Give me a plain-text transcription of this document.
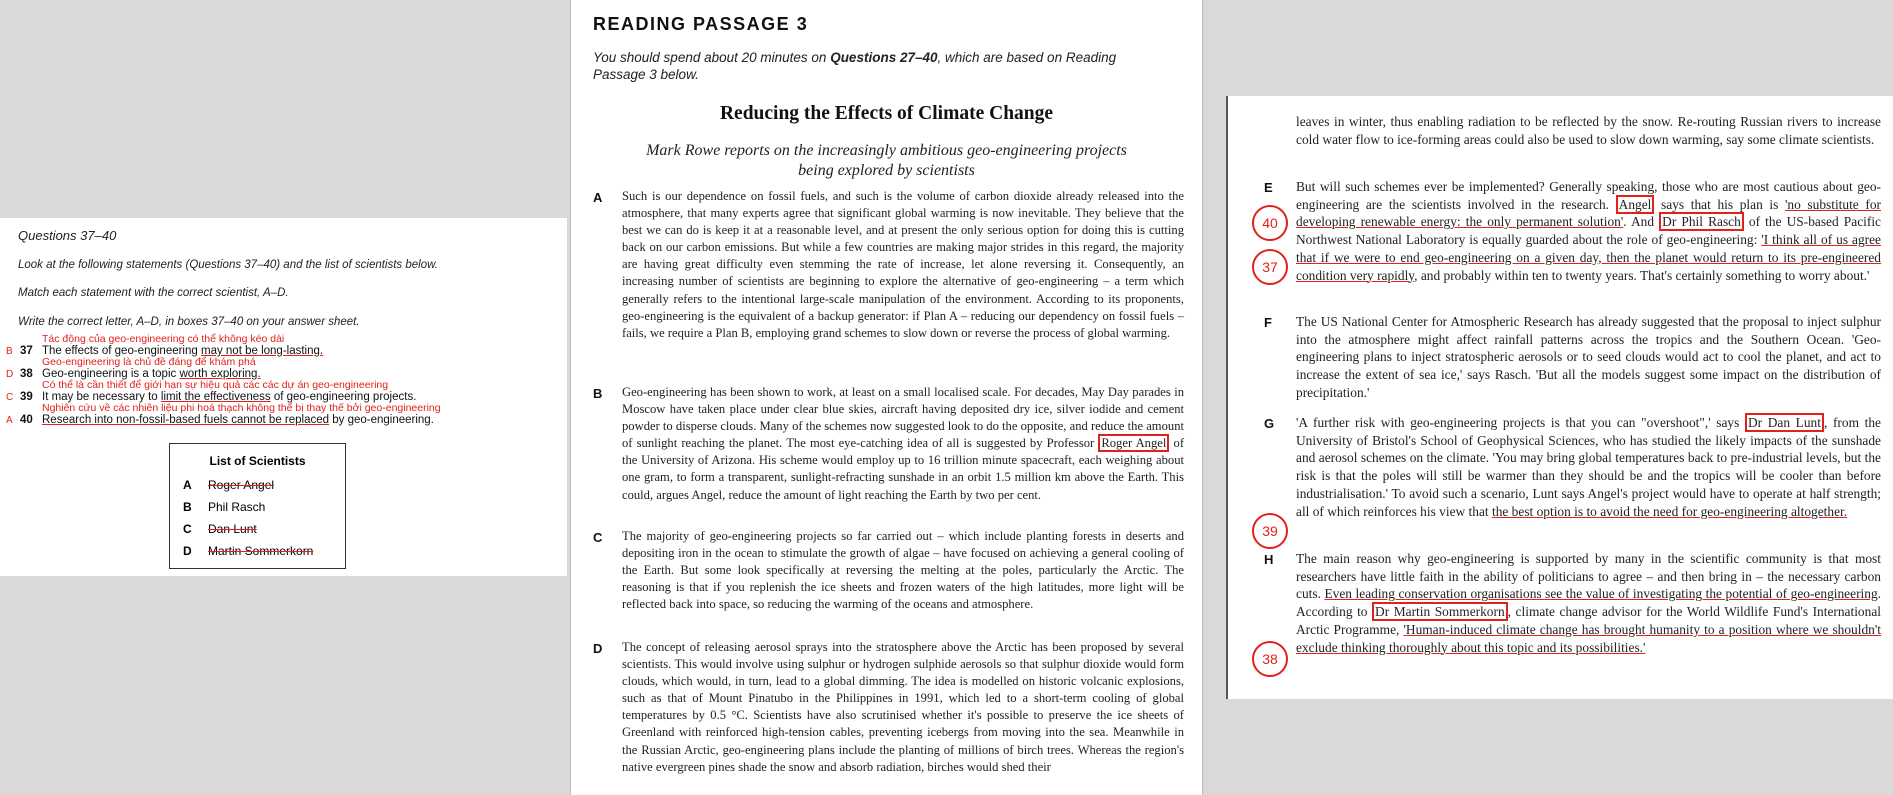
Questions 37–40
Look at the following statements (Questions 37–40) and the list of scientists below.
Match each statement with the correct scientist, A–D.
Write the correct letter, A–D, in boxes 37–40 on your answer sheet.
Tác động của geo-engineering có thể không kéo dài
B 37 The effects of geo-engineering may not be long-lasting.
Geo-engineering là chủ đề đáng để khám phá
D 38 Geo-engineering is a topic worth exploring.
Có thể là cần thiết để giới hạn sự hiệu quả các các dự án geo-engineering
C 39 It may be necessary to limit the effectiveness of geo-engineering projects.
Nghiên cứu về các nhiên liệu phi hoá thạch không thể bị thay thế bởi geo-engineering
A 40 Research into non-fossil-based fuels cannot be replaced by geo-engineering.
List of Scientists
A Roger Angel
B Phil Rasch
C Dan Lunt
D Martin Sommerkorn
READING PASSAGE 3
You should spend about 20 minutes on Questions 27–40, which are based on Reading Passage 3 below.
Reducing the Effects of Climate Change
Mark Rowe reports on the increasingly ambitious geo-engineering projects being explored by scientists
A Such is our dependence on fossil fuels, and such is the volume of carbon dioxide already released into the atmosphere, that many experts agree that significant global warming is now inevitable. They believe that the best we can do is keep it at a reasonable level, and at present the only serious option for doing this is cutting back on our carbon emissions. But while a few countries are making major strides in this regard, the majority are having great difficulty even stemming the rate of increase, let alone reversing it. Consequently, an increasing number of scientists are beginning to explore the alternative of geo-engineering – a term which generally refers to the intentional large-scale manipulation of the environment. According to its proponents, geo-engineering is the equivalent of a backup generator: if Plan A – reducing our dependency on fossil fuels – fails, we require a Plan B, employing grand schemes to slow down or reverse the process of global warming.
B Geo-engineering has been shown to work, at least on a small localised scale. For decades, May Day parades in Moscow have taken place under clear blue skies, aircraft having deposited dry ice, silver iodide and cement powder to disperse clouds. Many of the schemes now suggested look to do the opposite, and reduce the amount of sunlight reaching the planet. The most eye-catching idea of all is suggested by Professor Roger Angel of the University of Arizona. His scheme would employ up to 16 trillion minute spacecraft, each weighing about one gram, to form a transparent, sunlight-refracting sunshade in an orbit 1.5 million km above the Earth. This could, argues Angel, reduce the amount of light reaching the Earth by two per cent.
C The majority of geo-engineering projects so far carried out – which include planting forests in deserts and depositing iron in the ocean to stimulate the growth of algae – have focused on achieving a general cooling of the Earth. But some look specifically at reversing the melting at the poles, particularly the Arctic. The reasoning is that if you replenish the ice sheets and frozen waters of the high latitudes, more light will be reflected back into space, so reducing the warming of the oceans and atmosphere.
D The concept of releasing aerosol sprays into the stratosphere above the Arctic has been proposed by several scientists. This would involve using sulphur or hydrogen sulphide aerosols so that sulphur dioxide would form clouds, which would, in turn, lead to a global dimming. The idea is modelled on historic volcanic explosions, such as that of Mount Pinatubo in the Philippines in 1991, which led to a short-term cooling of global temperatures by 0.5 °C. Scientists have also scrutinised whether it's possible to preserve the ice sheets of Greenland with reinforced high-tension cables, preventing icebergs from moving into the sea. Meanwhile in the Russian Arctic, geo-engineering plans include the planting of millions of birch trees. Whereas the region's native evergreen pines shade the snow and absorb radiation, birches would shed their
leaves in winter, thus enabling radiation to be reflected by the snow. Re-routing Russian rivers to increase cold water flow to ice-forming areas could also be used to slow down warming, say some climate scientists.
E But will such schemes ever be implemented? Generally speaking, those who are most cautious about geo-engineering are the scientists involved in the research. Angel says that his plan is 'no substitute for developing renewable energy: the only permanent solution'. And Dr Phil Rasch of the US-based Pacific Northwest National Laboratory is equally guarded about the role of geo-engineering: 'I think all of us agree that if we were to end geo-engineering on a given day, then the planet would return to its pre-engineered condition very rapidly, and probably within ten to twenty years. That's certainly something to worry about.'
F The US National Center for Atmospheric Research has already suggested that the proposal to inject sulphur into the atmosphere might affect rainfall patterns across the tropics and the Southern Ocean. 'Geo-engineering plans to inject stratospheric aerosols or to seed clouds would act to cool the planet, and act to increase the extent of sea ice,' says Rasch. 'But all the models suggest some impact on the distribution of precipitation.'
G 'A further risk with geo-engineering projects is that you can "overshoot",' says Dr Dan Lunt , from the University of Bristol's School of Geophysical Sciences, who has studied the likely impacts of the sunshade and aerosol schemes on the climate. 'You may bring global temperatures back to pre-industrial levels, but the risk is that the poles will still be warmer than they should be and the tropics will be cooler than before industrialisation.' To avoid such a scenario, Lunt says Angel's project would have to operate at half strength; all of which reinforces his view that the best option is to avoid the need for geo-engineering altogether.
H The main reason why geo-engineering is supported by many in the scientific community is that most researchers have little faith in the ability of politicians to agree – and then bring in – the necessary carbon cuts. Even leading conservation organisations see the value of investigating the potential of geo-engineering. According to Dr Martin Sommerkorn , climate change advisor for the World Wildlife Fund's International Arctic Programme, 'Human-induced climate change has brought humanity to a position where we shouldn't exclude thinking thoroughly about this topic and its possibilities.'
40
37
39
38
